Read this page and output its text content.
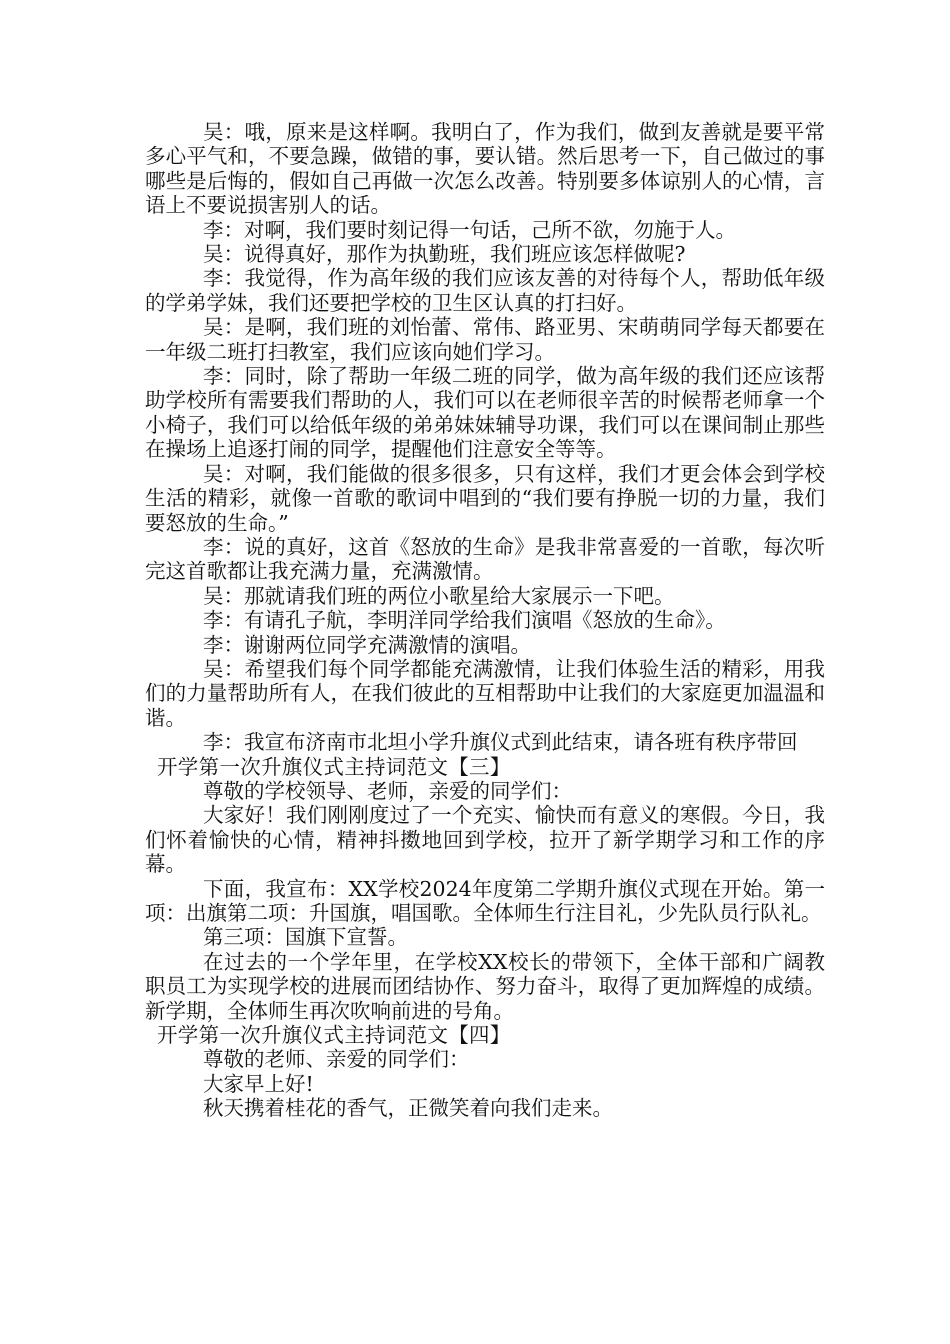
吴：哦，原来是这样啊。我明白了，作为我们，做到友善就是要平常多心平气和，不要急躁，做错的事，要认错。然后思考一下，自己做过的事哪些是后悔的，假如自己再做一次怎么改善。特别要多体谅别人的心情，言语上不要说损害别人的话。

李：对啊，我们要时刻记得一句话，己所不欲，勿施于人。

吴：说得真好，那作为执勤班，我们班应该怎样做呢?

李：我觉得，作为高年级的我们应该友善的对待每个人，帮助低年级的学弟学妹，我们还要把学校的卫生区认真的打扫好。

吴：是啊，我们班的刘怡蕾、常伟、路亚男、宋萌萌同学每天都要在一年级二班打扫教室，我们应该向她们学习。

李：同时，除了帮助一年级二班的同学，做为高年级的我们还应该帮助学校所有需要我们帮助的人，我们可以在老师很辛苦的时候帮老师拿一个小椅子，我们可以给低年级的弟弟妹妹辅导功课，我们可以在课间制止那些在操场上追逐打闹的同学，提醒他们注意安全等等。

吴：对啊，我们能做的很多很多，只有这样，我们才更会体会到学校生活的精彩，就像一首歌的歌词中唱到的“我们要有挣脱一切的力量，我们要怒放的生命。”

李：说的真好，这首《怒放的生命》是我非常喜爱的一首歌，每次听完这首歌都让我充满力量，充满激情。

吴：那就请我们班的两位小歌星给大家展示一下吧。

李：有请孔子航，李明洋同学给我们演唱《怒放的生命》。

李：谢谢两位同学充满激情的演唱。

吴：希望我们每个同学都能充满激情，让我们体验生活的精彩，用我们的力量帮助所有人，在我们彼此的互相帮助中让我们的大家庭更加温温和谐。

李：我宣布济南市北坦小学升旗仪式到此结束，请各班有秩序带回

开学第一次升旗仪式主持词范文【三】

尊敬的学校领导、老师，亲爱的同学们：

大家好！我们刚刚度过了一个充实、愉快而有意义的寒假。今日，我们怀着愉快的心情，精神抖擞地回到学校，拉开了新学期学习和工作的序幕。

下面，我宣布：XX学校2024年度第二学期升旗仪式现在开始。第一项：出旗第二项：升国旗，唱国歌。全体师生行注目礼，少先队员行队礼。

第三项：国旗下宣誓。

在过去的一个学年里，在学校XX校长的带领下，全体干部和广阔教职员工为实现学校的进展而团结协作、努力奋斗，取得了更加辉煌的成绩。新学期，全体师生再次吹响前进的号角。

开学第一次升旗仪式主持词范文【四】

尊敬的老师、亲爱的同学们：

大家早上好!

秋天携着桂花的香气，正微笑着向我们走来。
